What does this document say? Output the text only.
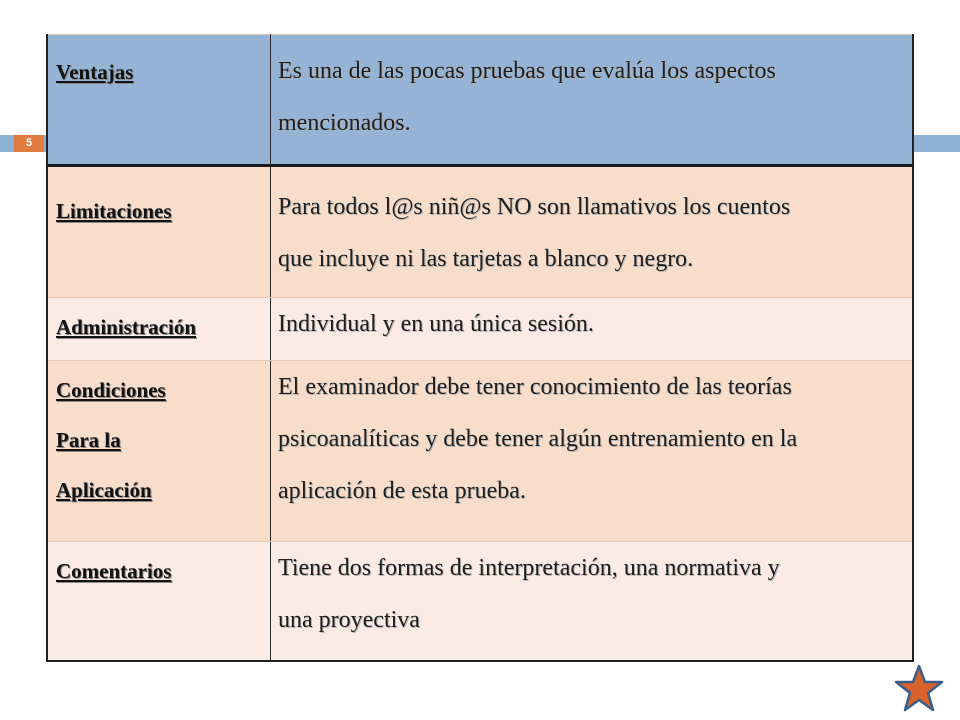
5
Ventajas	Es una de las pocas pruebas que evalúa los aspectos
mencionados.
Limitaciones	Para todos l@s niñ@s NO son llamativos los cuentos
que incluye ni las tarjetas a blanco y negro.
Administración	Individual y en una única sesión.
Condiciones
Para la
Aplicación	El examinador debe tener conocimiento de las teorías
psicoanalíticas y debe tener algún entrenamiento en la
aplicación de esta prueba.
Comentarios	Tiene dos formas de interpretación, una normativa y
una proyectiva
